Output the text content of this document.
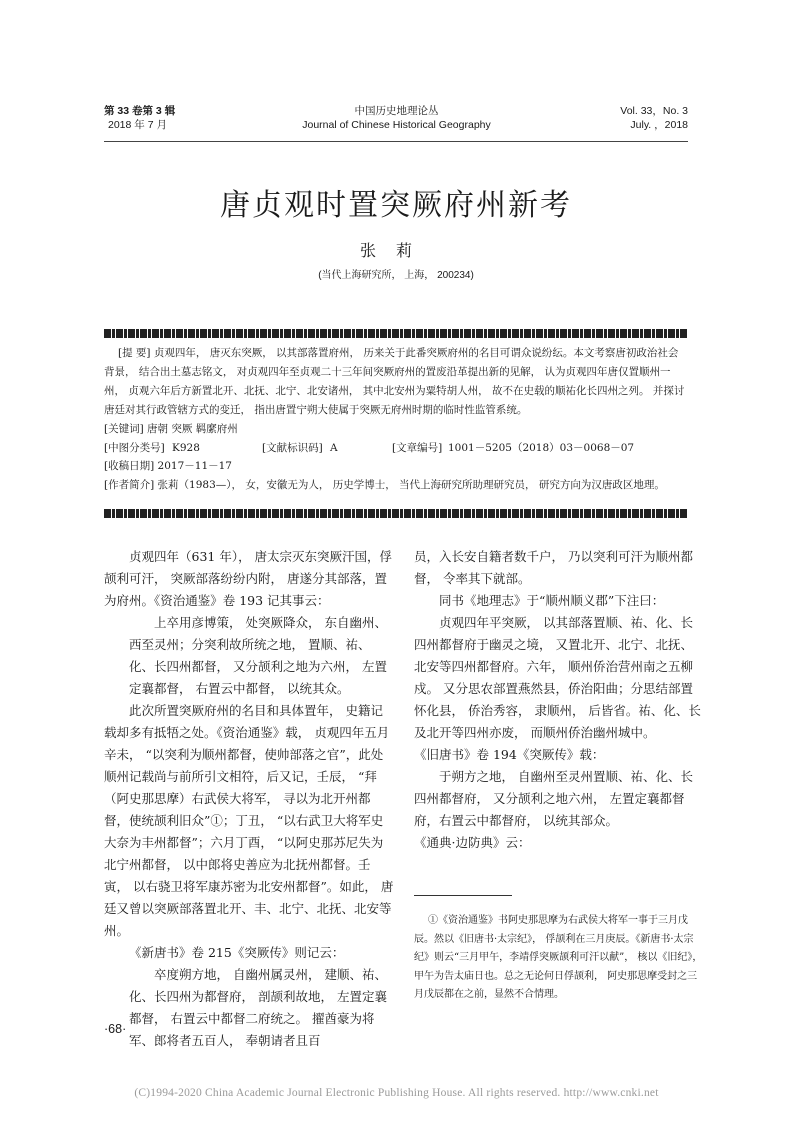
第 33 卷第 3 辑
2018 年 7 月
中国历史地理论丛
Journal of Chinese Historical Geography
Vol. 33，No. 3
July. ，2018
唐贞观时置突厥府州新考
张莉
(当代上海研究所， 上海， 200234)

[提 要] 贞观四年， 唐灭东突厥， 以其部落置府州， 历来关于此番突厥府州的名目可谓众说纷纭。本文考察唐初政治社会背景， 结合出土墓志铭文， 对贞观四年至贞观二十三年间突厥府州的置废沿革提出新的见解， 认为贞观四年唐仅置顺州一州， 贞观六年后方新置北开、北抚、北宁、北安诸州， 其中北安州为粟特胡人州， 故不在史载的顺祐化长四州之列。 并探讨唐廷对其行政管辖方式的变迁， 指出唐置宁朔大使属于突厥无府州时期的临时性监管系统。

[关键词] 唐朝 突厥 羁縻府州

[中图分类号] K928	[文献标识码] A	[文章编号] 1001－5205（2018）03－0068－07

[收稿日期] 2017－11－17

[作者简介] 张莉（1983—）， 女，安徽无为人， 历史学博士， 当代上海研究所助理研究员， 研究方向为汉唐政区地理。

贞观四年（631 年）， 唐太宗灭东突厥汗国，俘颉利可汗， 突厥部落纷纷内附， 唐遂分其部落，置为府州。《资治通鉴》卷 193 记其事云：

上卒用彦博策， 处突厥降众， 东自幽州、西至灵州；分突利故所统之地， 置顺、祐、化、长四州都督， 又分颉利之地为六州， 左置定襄都督， 右置云中都督， 以统其众。

此次所置突厥府州的名目和具体置年， 史籍记载却多有抵牾之处。《资治通鉴》载， 贞观四年五月辛未， “以突利为顺州都督，使帅部落之官”，此处顺州记载尚与前所引文相符，后又记，壬辰， “拜（阿史那思摩）右武侯大将军， 寻以为北开州都督，使统颉利旧众”①；丁丑， “以右武卫大将军史大奈为丰州都督”；六月丁酉， “以阿史那苏尼失为北宁州都督， 以中郎将史善应为北抚州都督。壬寅， 以右骁卫将军康苏密为北安州都督”。如此， 唐廷又曾以突厥部落置北开、丰、北宁、北抚、北安等州。

《新唐书》卷 215《突厥传》则记云：

卒度朔方地， 自幽州属灵州， 建顺、祐、化、长四州为都督府， 剖颉利故地， 左置定襄都督， 右置云中都督二府统之。 擢酋豪为将军、郎将者五百人， 奉朝请者且百

员，入长安自籍者数千户， 乃以突利可汗为顺州都督， 令率其下就部。

同书《地理志》于“顺州顺义郡”下注曰：

贞观四年平突厥， 以其部落置顺、祐、化、长四州都督府于幽灵之境， 又置北开、北宁、北抚、北安等四州都督府。六年， 顺州侨治营州南之五柳戍。 又分思农部置燕然县，侨治阳曲；分思结部置怀化县， 侨治秀容， 隶顺州， 后皆省。祐、化、长及北开等四州亦废， 而顺州侨治幽州城中。

《旧唐书》卷 194《突厥传》载：

于朔方之地， 自幽州至灵州置顺、祐、化、长四州都督府， 又分颉利之地六州， 左置定襄都督府，右置云中都督府， 以统其部众。

《通典·边防典》云：

①《资治通鉴》书阿史那思摩为右武侯大将军一事于三月戊辰。然以《旧唐书·太宗纪》， 俘颉利在三月庚辰。《新唐书·太宗纪》则云“三月甲午，李靖俘突厥颉利可汗以献”， 核以《旧纪》，甲午为告太庙日也。总之无论何日俘颉利， 阿史那思摩受封之三月戊辰都在之前，显然不合情理。

·68·
(C)1994-2020 China Academic Journal Electronic Publishing House. All rights reserved. http://www.cnki.net
